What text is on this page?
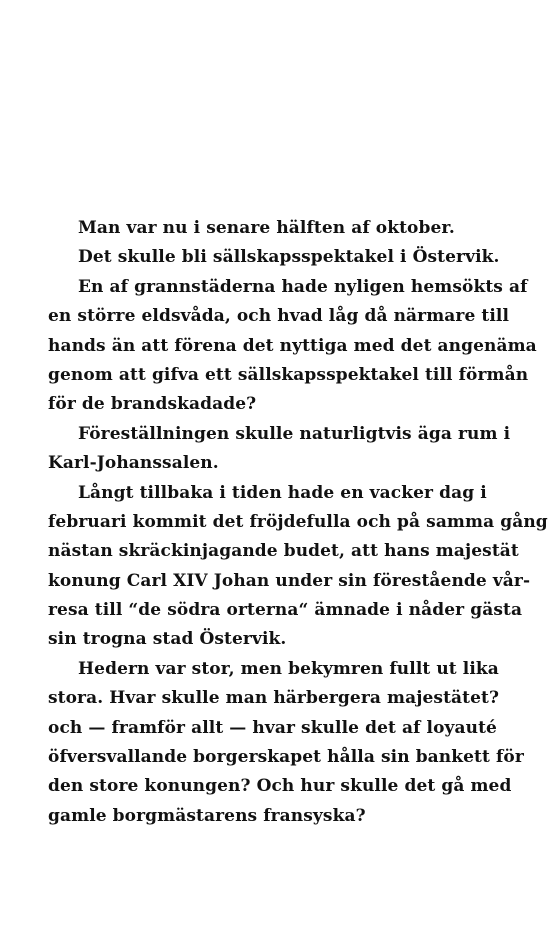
Man var nu i senare hälften af oktober.
Det skulle bli sällskapsspektakel i Östervik.
En af grannstäderna hade nyligen hemsökts af
en större eldsvåda, och hvad låg då närmare till
hands än att förena det nyttiga med det angenäma
genom att gifva ett sällskapsspektakel till förmån
för de brandskadade?
Föreställningen skulle naturligtvis äga rum i
Karl-Johanssalen.
Långt tillbaka i tiden hade en vacker dag i
februari kommit det fröjdefulla och på samma gång
nästan skräckinjagande budet, att hans majestät
konung Carl XIV Johan under sin förestående vår-
resa till “de södra orterna“ ämnade i nåder gästa
sin trogna stad Östervik.
Hedern var stor, men bekymren fullt ut lika
stora. Hvar skulle man härbergera majestätet?
och — framför allt — hvar skulle det af loyauté
öfversvallande borgerskapet hålla sin bankett för
den store konungen? Och hur skulle det gå med
gamle borgmästarens fransyska?
